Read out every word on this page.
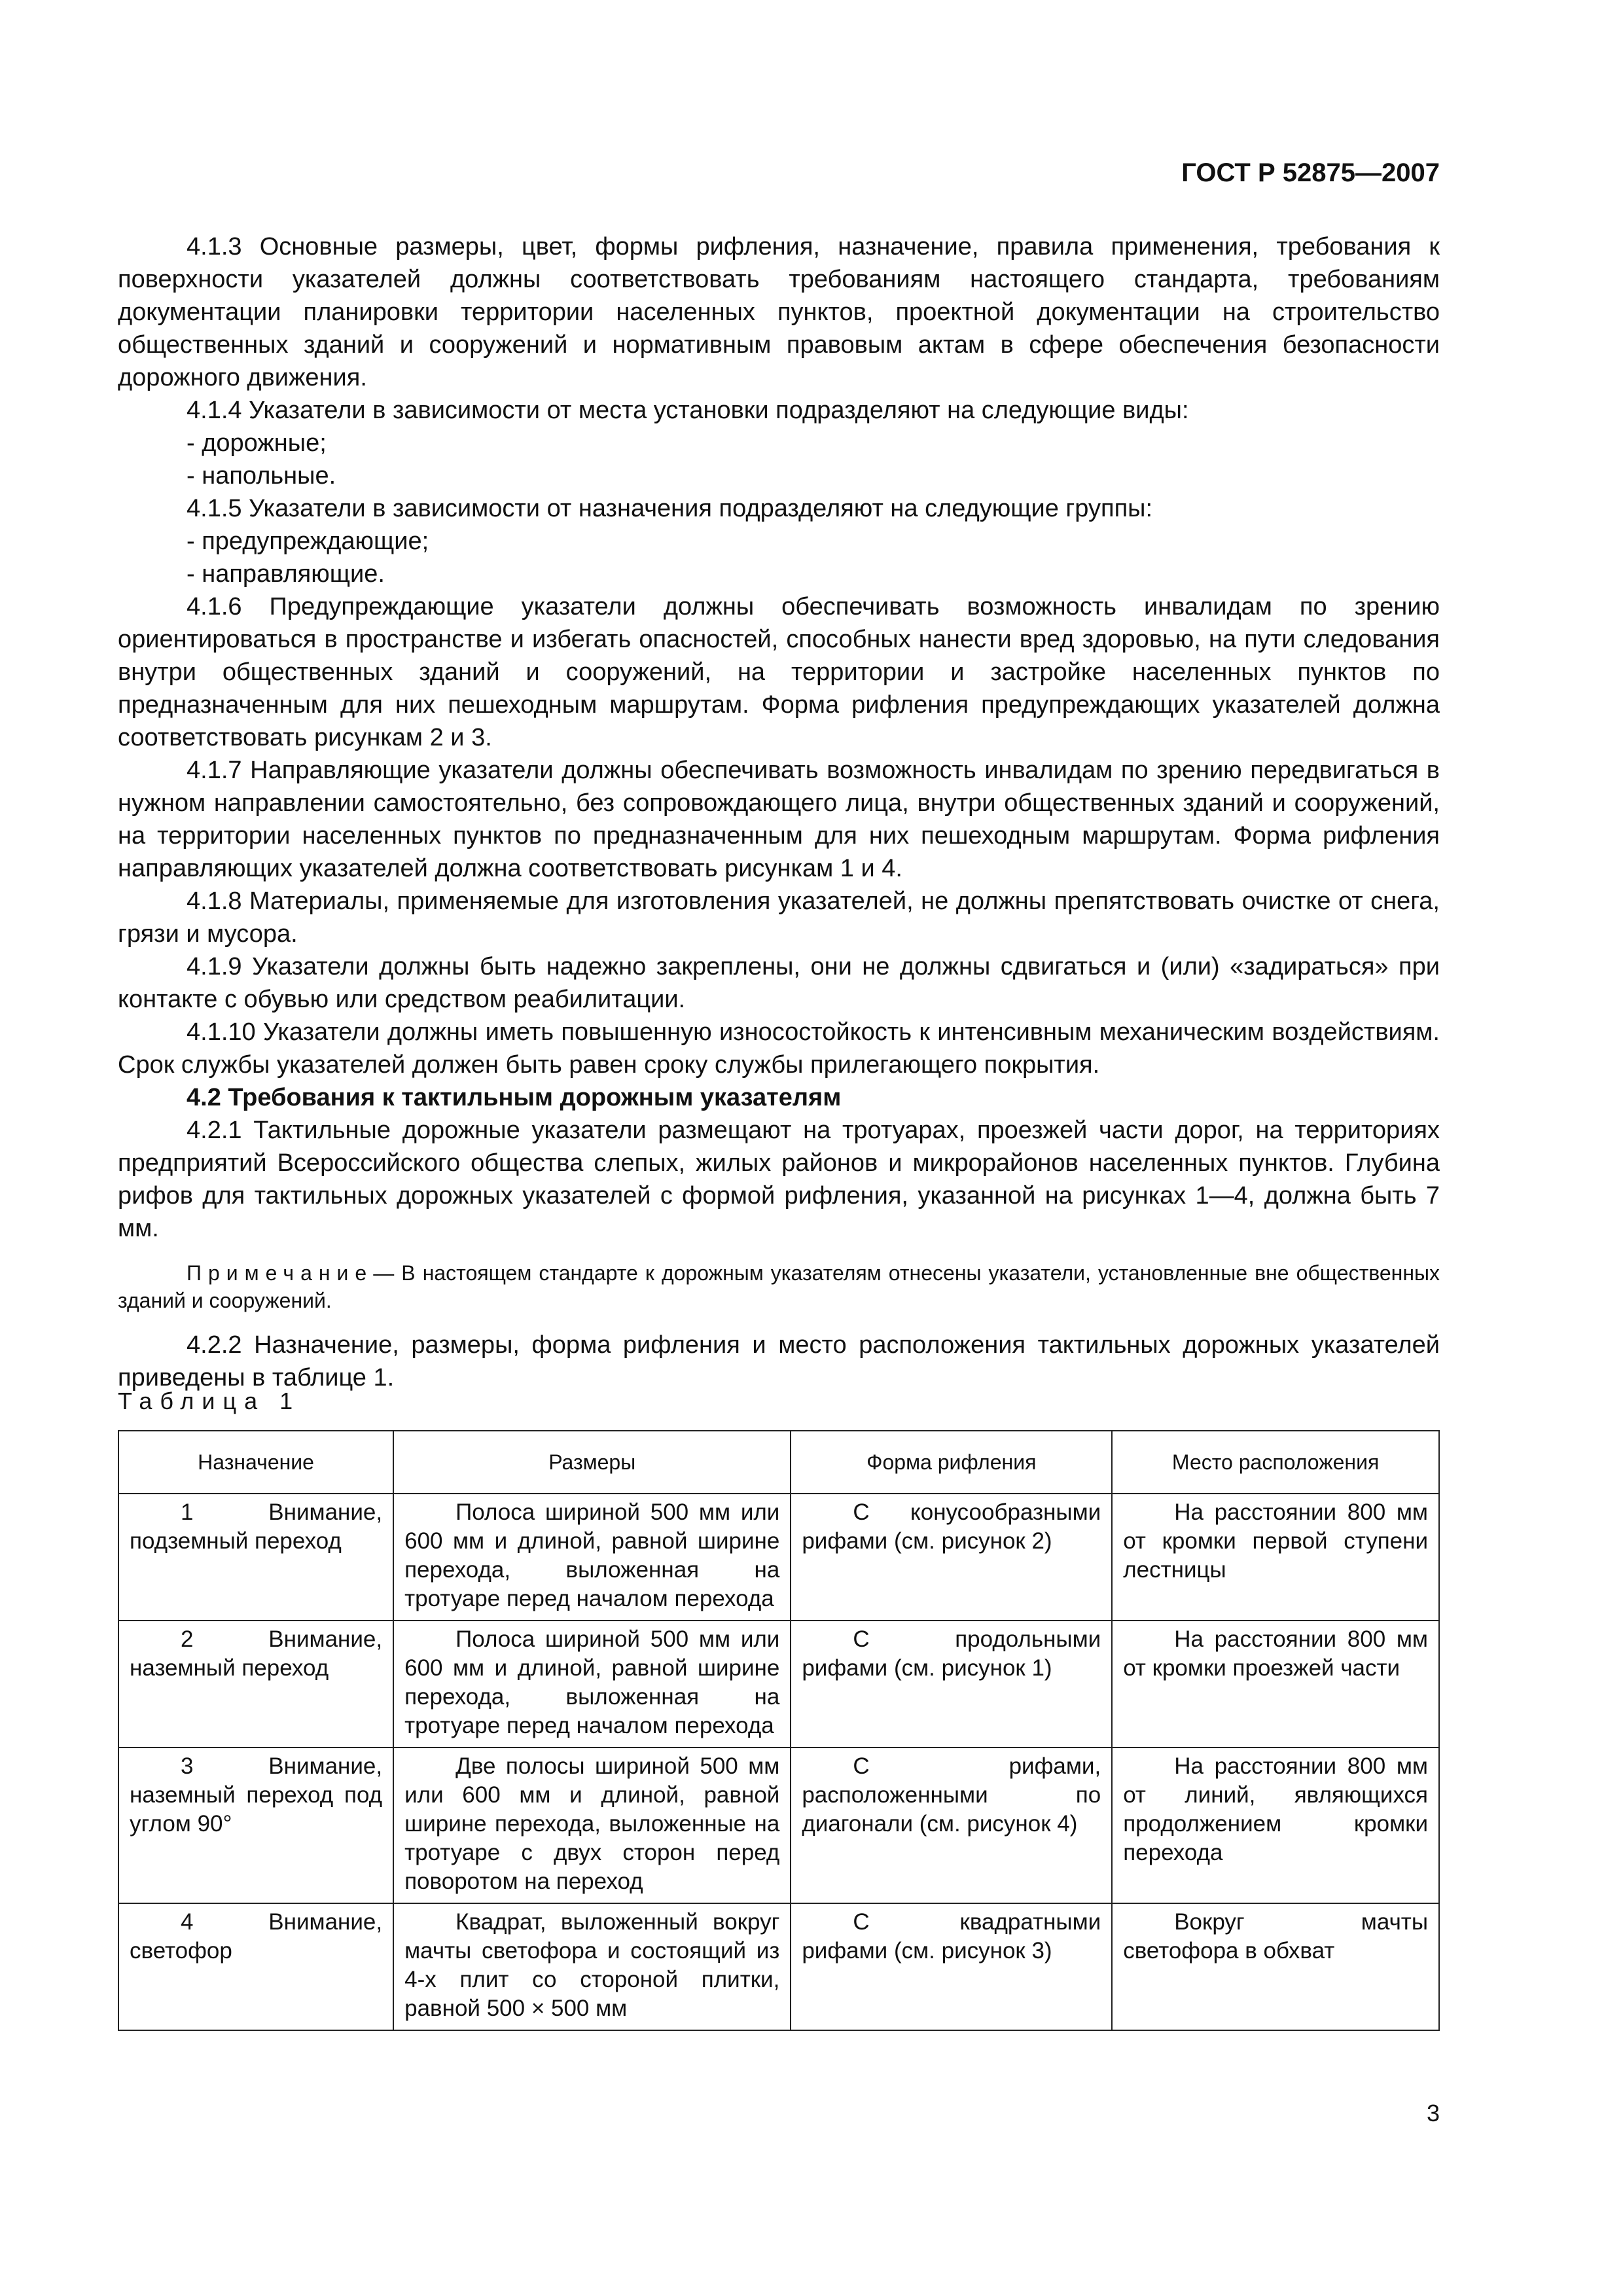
ГОСТ Р 52875—2007

4.1.3 Основные размеры, цвет, формы рифления, назначение, правила применения, требования к поверхности указателей должны соответствовать требованиям настоящего стандарта, требованиям документации планировки территории населенных пунктов, проектной документации на строительство общественных зданий и сооружений и нормативным правовым актам в сфере обеспечения безопасности дорожного движения.

4.1.4 Указатели в зависимости от места установки подразделяют на следующие виды:

- дорожные;

- напольные.

4.1.5 Указатели в зависимости от назначения подразделяют на следующие группы:

- предупреждающие;

- направляющие.

4.1.6 Предупреждающие указатели должны обеспечивать возможность инвалидам по зрению ориентироваться в пространстве и избегать опасностей, способных нанести вред здоровью, на пути следования внутри общественных зданий и сооружений, на территории и застройке населенных пунктов по предназначенным для них пешеходным маршрутам. Форма рифления предупреждающих указателей должна соответствовать рисункам 2 и 3.

4.1.7 Направляющие указатели должны обеспечивать возможность инвалидам по зрению передвигаться в нужном направлении самостоятельно, без сопровождающего лица, внутри общественных зданий и сооружений, на территории населенных пунктов по предназначенным для них пешеходным маршрутам. Форма рифления направляющих указателей должна соответствовать рисункам 1 и 4.

4.1.8 Материалы, применяемые для изготовления указателей, не должны препятствовать очистке от снега, грязи и мусора.

4.1.9 Указатели должны быть надежно закреплены, они не должны сдвигаться и (или) «задираться» при контакте с обувью или средством реабилитации.

4.1.10 Указатели должны иметь повышенную износостойкость к интенсивным механическим воздействиям. Срок службы указателей должен быть равен сроку службы прилегающего покрытия.

4.2 Требования к тактильным дорожным указателям

4.2.1 Тактильные дорожные указатели размещают на тротуарах, проезжей части дорог, на территориях предприятий Всероссийского общества слепых, жилых районов и микрорайонов населенных пунктов. Глубина рифов для тактильных дорожных указателей с формой рифления, указанной на рисунках 1—4, должна быть 7 мм.

Примечание— В настоящем стандарте к дорожным указателям отнесены указатели, установленные вне общественных зданий и сооружений.

4.2.2 Назначение, размеры, форма рифления и место расположения тактильных дорожных указателей приведены в таблице 1.

Таблица 1
Назначение	Размеры	Форма рифления	Место расположения

1 Внимание, подземный переход	Полоса шириной 500 мм или 600 мм и длиной, равной ширине перехода, выложенная на тротуаре перед началом перехода	С конусообразными рифами (см. рисунок 2)	На расстоянии 800 мм от кромки первой ступени лестницы

2 Внимание, наземный переход	Полоса шириной 500 мм или 600 мм и длиной, равной ширине перехода, выложенная на тротуаре перед началом перехода	С продольными рифами (см. рисунок 1)	На расстоянии 800 мм от кромки проезжей части

3 Внимание, наземный переход под углом 90°	Две полосы шириной 500 мм или 600 мм и длиной, равной ширине перехода, выложенные на тротуаре с двух сторон перед поворотом на переход	С рифами, расположенными по диагонали (см. рисунок 4)	На расстоянии 800 мм от линий, являющихся продолжением кромки перехода

4 Внимание, светофор	Квадрат, выложенный вокруг мачты светофора и состоящий из 4-х плит со стороной плитки, равной 500 × 500 мм	С квадратными рифами (см. рисунок 3)	Вокруг мачты светофора в обхват
3
